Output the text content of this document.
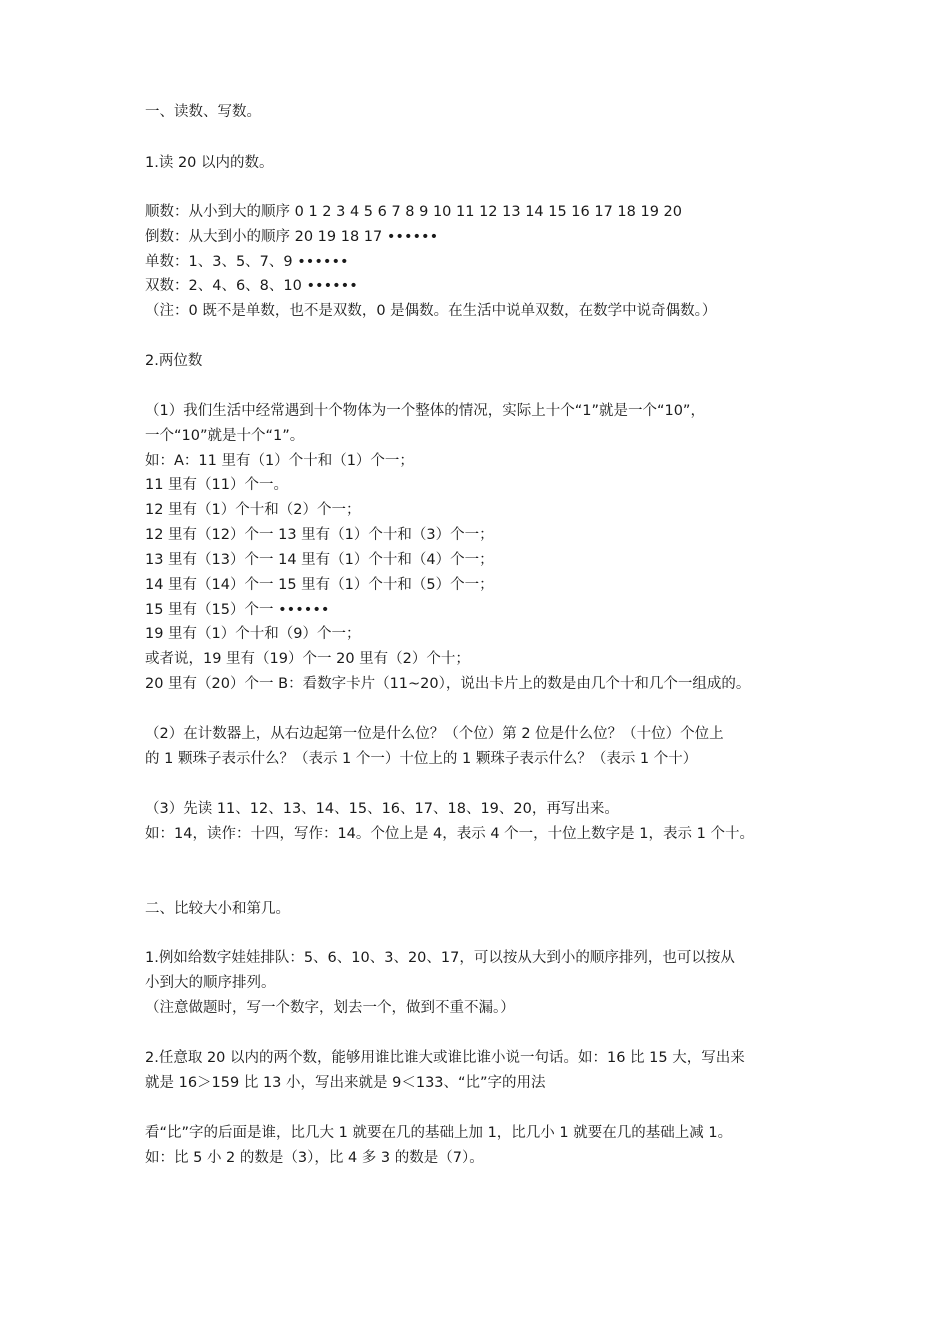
一、读数、写数。
1.读 20 以内的数。
顺数：从小到大的顺序 0 1 2 3 4 5 6 7 8 9 10 11 12 13 14 15 16 17 18 19 20
倒数：从大到小的顺序 20 19 18 17 ••••••
单数：1、3、5、7、9 ••••••
双数：2、4、6、8、10 ••••••
（注：0 既不是单数，也不是双数，0 是偶数。在生活中说单双数，在数学中说奇偶数。）
2.两位数
（1）我们生活中经常遇到十个物体为一个整体的情况，实际上十个“1”就是一个“10”，
一个“10”就是十个“1”。
如：A：11 里有（1）个十和（1）个一；
11 里有（11）个一。
12 里有（1）个十和（2）个一；
12 里有（12）个一 13 里有（1）个十和（3）个一；
13 里有（13）个一 14 里有（1）个十和（4）个一；
14 里有（14）个一 15 里有（1）个十和（5）个一；
15 里有（15）个一 ••••••
19 里有（1）个十和（9）个一；
或者说，19 里有（19）个一 20 里有（2）个十；
20 里有（20）个一 B：看数字卡片（11~20），说出卡片上的数是由几个十和几个一组成的。
（2）在计数器上，从右边起第一位是什么位？（个位）第 2 位是什么位？（十位）个位上
的 1 颗珠子表示什么？（表示 1 个一）十位上的 1 颗珠子表示什么？（表示 1 个十）
（3）先读 11、12、13、14、15、16、17、18、19、20，再写出来。
如：14，读作：十四，写作：14。个位上是 4，表示 4 个一，十位上数字是 1，表示 1 个十。
二、比较大小和第几。
1.例如给数字娃娃排队：5、6、10、3、20、17，可以按从大到小的顺序排列，也可以按从
小到大的顺序排列。
（注意做题时，写一个数字，划去一个，做到不重不漏。）
2.任意取 20 以内的两个数，能够用谁比谁大或谁比谁小说一句话。如：16 比 15 大，写出来
就是 16＞159 比 13 小，写出来就是 9＜133、“比”字的用法
看“比”字的后面是谁，比几大 1 就要在几的基础上加 1，比几小 1 就要在几的基础上减 1。
如：比 5 小 2 的数是（3），比 4 多 3 的数是（7）。
